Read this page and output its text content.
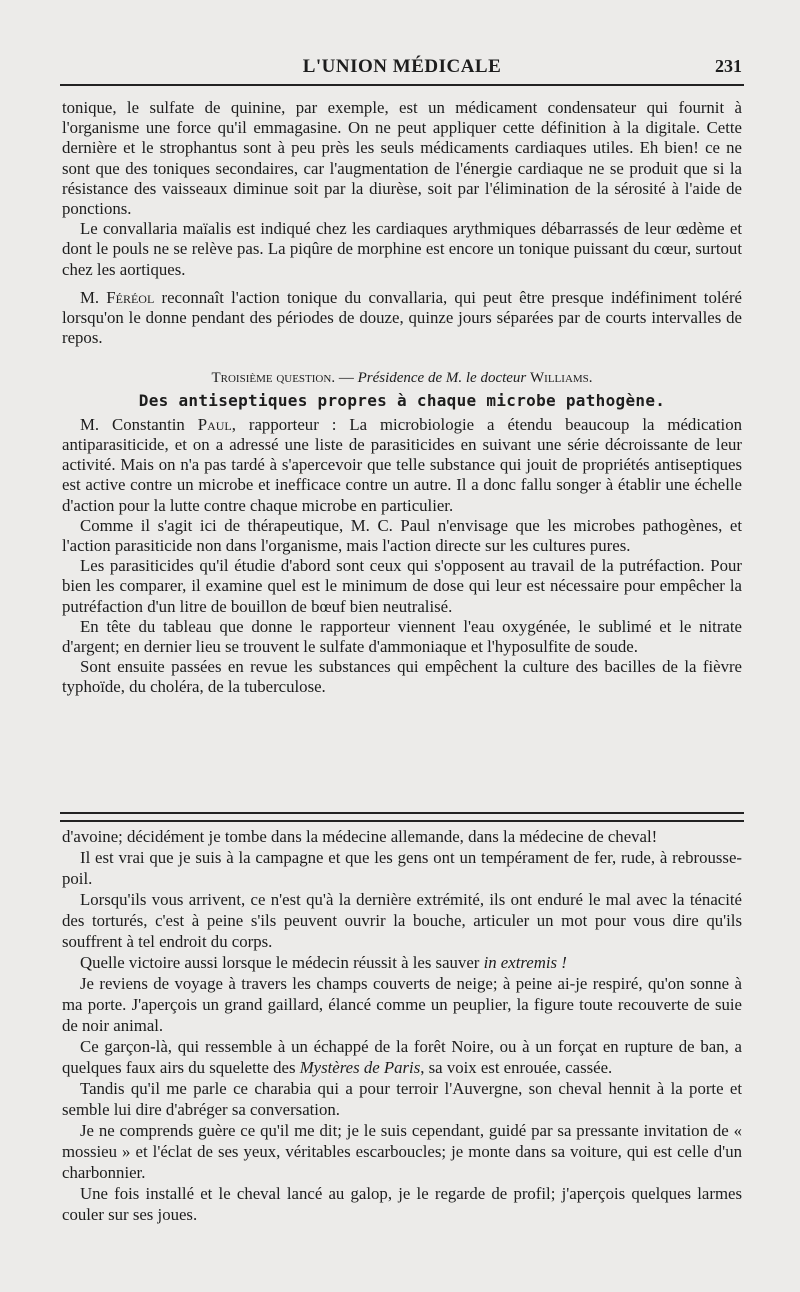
L'UNION MÉDICALE	231

tonique, le sulfate de quinine, par exemple, est un médicament condensateur qui fournit à l'organisme une force qu'il emmagasine. On ne peut appliquer cette définition à la digitale. Cette dernière et le strophantus sont à peu près les seuls médicaments cardiaques utiles. Eh bien! ce ne sont que des toniques secondaires, car l'augmentation de l'énergie cardiaque ne se produit que si la résistance des vaisseaux diminue soit par la diurèse, soit par l'élimination de la sérosité à l'aide de ponctions.

Le convallaria maïalis est indiqué chez les cardiaques arythmiques débarrassés de leur œdème et dont le pouls ne se relève pas. La piqûre de morphine est encore un tonique puissant du cœur, surtout chez les aortiques.

M. Féréol reconnaît l'action tonique du convallaria, qui peut être presque indéfiniment toléré lorsqu'on le donne pendant des périodes de douze, quinze jours séparées par de courts intervalles de repos.

Troisième question. — Présidence de M. le docteur Williams.
Des antiseptiques propres à chaque microbe pathogène.

M. Constantin Paul, rapporteur : La microbiologie a étendu beaucoup la médication antiparasiticide, et on a adressé une liste de parasiticides en suivant une série décroissante de leur activité. Mais on n'a pas tardé à s'apercevoir que telle substance qui jouit de propriétés antiseptiques est active contre un microbe et inefficace contre un autre. Il a donc fallu songer à établir une échelle d'action pour la lutte contre chaque microbe en particulier.

Comme il s'agit ici de thérapeutique, M. C. Paul n'envisage que les microbes pathogènes, et l'action parasiticide non dans l'organisme, mais l'action directe sur les cultures pures.

Les parasiticides qu'il étudie d'abord sont ceux qui s'opposent au travail de la putréfaction. Pour bien les comparer, il examine quel est le minimum de dose qui leur est nécessaire pour empêcher la putréfaction d'un litre de bouillon de bœuf bien neutralisé.

En tête du tableau que donne le rapporteur viennent l'eau oxygénée, le sublimé et le nitrate d'argent; en dernier lieu se trouvent le sulfate d'ammoniaque et l'hyposulfite de soude.

Sont ensuite passées en revue les substances qui empêchent la culture des bacilles de la fièvre typhoïde, du choléra, de la tuberculose.

d'avoine; décidément je tombe dans la médecine allemande, dans la médecine de cheval!

Il est vrai que je suis à la campagne et que les gens ont un tempérament de fer, rude, à rebrousse-poil.

Lorsqu'ils vous arrivent, ce n'est qu'à la dernière extrémité, ils ont enduré le mal avec la ténacité des torturés, c'est à peine s'ils peuvent ouvrir la bouche, articuler un mot pour vous dire qu'ils souffrent à tel endroit du corps.

Quelle victoire aussi lorsque le médecin réussit à les sauver in extremis !

Je reviens de voyage à travers les champs couverts de neige; à peine ai-je respiré, qu'on sonne à ma porte. J'aperçois un grand gaillard, élancé comme un peuplier, la figure toute recouverte de suie de noir animal.

Ce garçon-là, qui ressemble à un échappé de la forêt Noire, ou à un forçat en rupture de ban, a quelques faux airs du squelette des Mystères de Paris, sa voix est enrouée, cassée.

Tandis qu'il me parle ce charabia qui a pour terroir l'Auvergne, son cheval hennit à la porte et semble lui dire d'abréger sa conversation.

Je ne comprends guère ce qu'il me dit; je le suis cependant, guidé par sa pressante invitation de « mossieu » et l'éclat de ses yeux, véritables escarboucles; je monte dans sa voiture, qui est celle d'un charbonnier.

Une fois installé et le cheval lancé au galop, je le regarde de profil; j'aperçois quelques larmes couler sur ses joues.
